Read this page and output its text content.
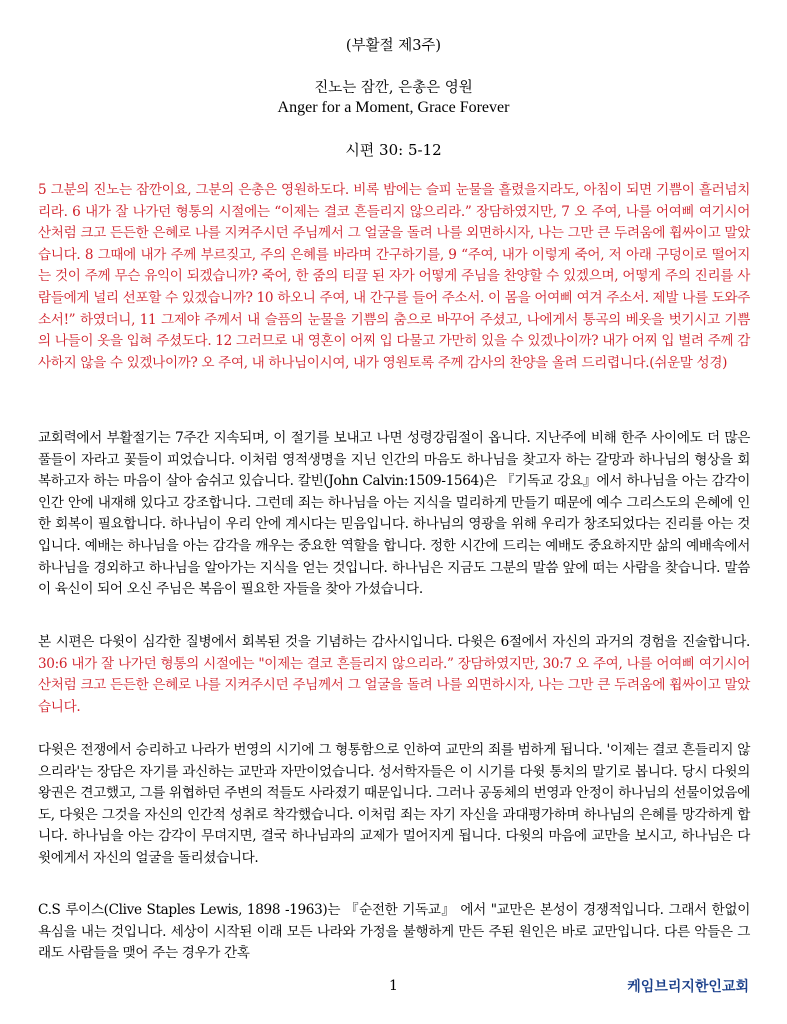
(부활절 제3주)
진노는 잠깐, 은총은 영원
Anger for a Moment, Grace Forever
시편 30: 5-12

5 그분의 진노는 잠깐이요, 그분의 은총은 영원하도다. 비록 밤에는 슬피 눈물을 흘렸을지라도, 아침이 되면 기쁨이 흘러넘치리라. 6 내가 잘 나가던 형통의 시절에는 “이제는 결코 흔들리지 않으리라.” 장담하였지만, 7 오 주여, 나를 어여삐 여기시어 산처럼 크고 든든한 은혜로 나를 지켜주시던 주님께서 그 얼굴을 돌려 나를 외면하시자, 나는 그만 큰 두려움에 휩싸이고 말았습니다. 8 그때에 내가 주께 부르짖고, 주의 은혜를 바라며 간구하기를, 9 “주여, 내가 이렇게 죽어, 저 아래 구덩이로 떨어지는 것이 주께 무슨 유익이 되겠습니까? 죽어, 한 줌의 티끌 된 자가 어떻게 주님을 찬양할 수 있겠으며, 어떻게 주의 진리를 사람들에게 널리 선포할 수 있겠습니까? 10 하오니 주여, 내 간구를 들어 주소서. 이 몸을 어여삐 여겨 주소서. 제발 나를 도와주소서!” 하였더니, 11 그제야 주께서 내 슬픔의 눈물을 기쁨의 춤으로 바꾸어 주셨고, 나에게서 통곡의 베옷을 벗기시고 기쁨의 나들이 옷을 입혀 주셨도다. 12 그러므로 내 영혼이 어찌 입 다물고 가만히 있을 수 있겠나이까? 내가 어찌 입 벌려 주께 감사하지 않을 수 있겠나이까? 오 주여, 내 하나님이시여, 내가 영원토록 주께 감사의 찬양을 올려 드리렵니다.(쉬운말 성경)

교회력에서 부활절기는 7주간 지속되며, 이 절기를 보내고 나면 성령강림절이 옵니다. 지난주에 비해 한주 사이에도 더 많은 풀들이 자라고 꽃들이 피었습니다. 이처럼 영적생명을 지닌 인간의 마음도 하나님을 찾고자 하는 갈망과 하나님의 형상을 회복하고자 하는 마음이 살아 숨쉬고 있습니다. 칼빈(John Calvin:1509-1564)은 『기독교 강요』에서 하나님을 아는 감각이 인간 안에 내재해 있다고 강조합니다. 그런데 죄는 하나님을 아는 지식을 멀리하게 만들기 때문에 예수 그리스도의 은혜에 인한 회복이 필요합니다. 하나님이 우리 안에 계시다는 믿음입니다. 하나님의 영광을 위해 우리가 창조되었다는 진리를 아는 것입니다. 예배는 하나님을 아는 감각을 깨우는 중요한 역할을 합니다. 정한 시간에 드리는 예배도 중요하지만 삶의 예배속에서 하나님을 경외하고 하나님을 알아가는 지식을 얻는 것입니다. 하나님은 지금도 그분의 말씀 앞에 떠는 사람을 찾습니다. 말씀이 육신이 되어 오신 주님은 복음이 필요한 자들을 찾아 가셨습니다.

본 시편은 다윗이 심각한 질병에서 회복된 것을 기념하는 감사시입니다. 다윗은 6절에서 자신의 과거의 경험을 진술합니다. 30:6 내가 잘 나가던 형통의 시절에는 "이제는 결코 흔들리지 않으리라.” 장담하였지만, 30:7 오 주여, 나를 어여삐 여기시어 산처럼 크고 든든한 은혜로 나를 지켜주시던 주님께서 그 얼굴을 돌려 나를 외면하시자, 나는 그만 큰 두려움에 휩싸이고 말았습니다.

다윗은 전쟁에서 승리하고 나라가 번영의 시기에 그 형통함으로 인하여 교만의 죄를 범하게 됩니다. '이제는 결코 흔들리지 않으리라'는 장담은 자기를 과신하는 교만과 자만이었습니다. 성서학자들은 이 시기를 다윗 통치의 말기로 봅니다. 당시 다윗의 왕권은 견고했고, 그를 위협하던 주변의 적들도 사라졌기 때문입니다. 그러나 공동체의 번영과 안정이 하나님의 선물이었음에도, 다윗은 그것을 자신의 인간적 성취로 착각했습니다. 이처럼 죄는 자기 자신을 과대평가하며 하나님의 은혜를 망각하게 합니다. 하나님을 아는 감각이 무뎌지면, 결국 하나님과의 교제가 멀어지게 됩니다. 다윗의 마음에 교만을 보시고, 하나님은 다윗에게서 자신의 얼굴을 돌리셨습니다.

C.S 루이스(Clive Staples Lewis, 1898 -1963)는 『순전한 기독교』 에서 "교만은 본성이 경쟁적입니다. 그래서 한없이 욕심을 내는 것입니다. 세상이 시작된 이래 모든 나라와 가정을 불행하게 만든 주된 원인은 바로 교만입니다. 다른 악들은 그래도 사람들을 맺어 주는 경우가 간혹

1	케임브리지한인교회
